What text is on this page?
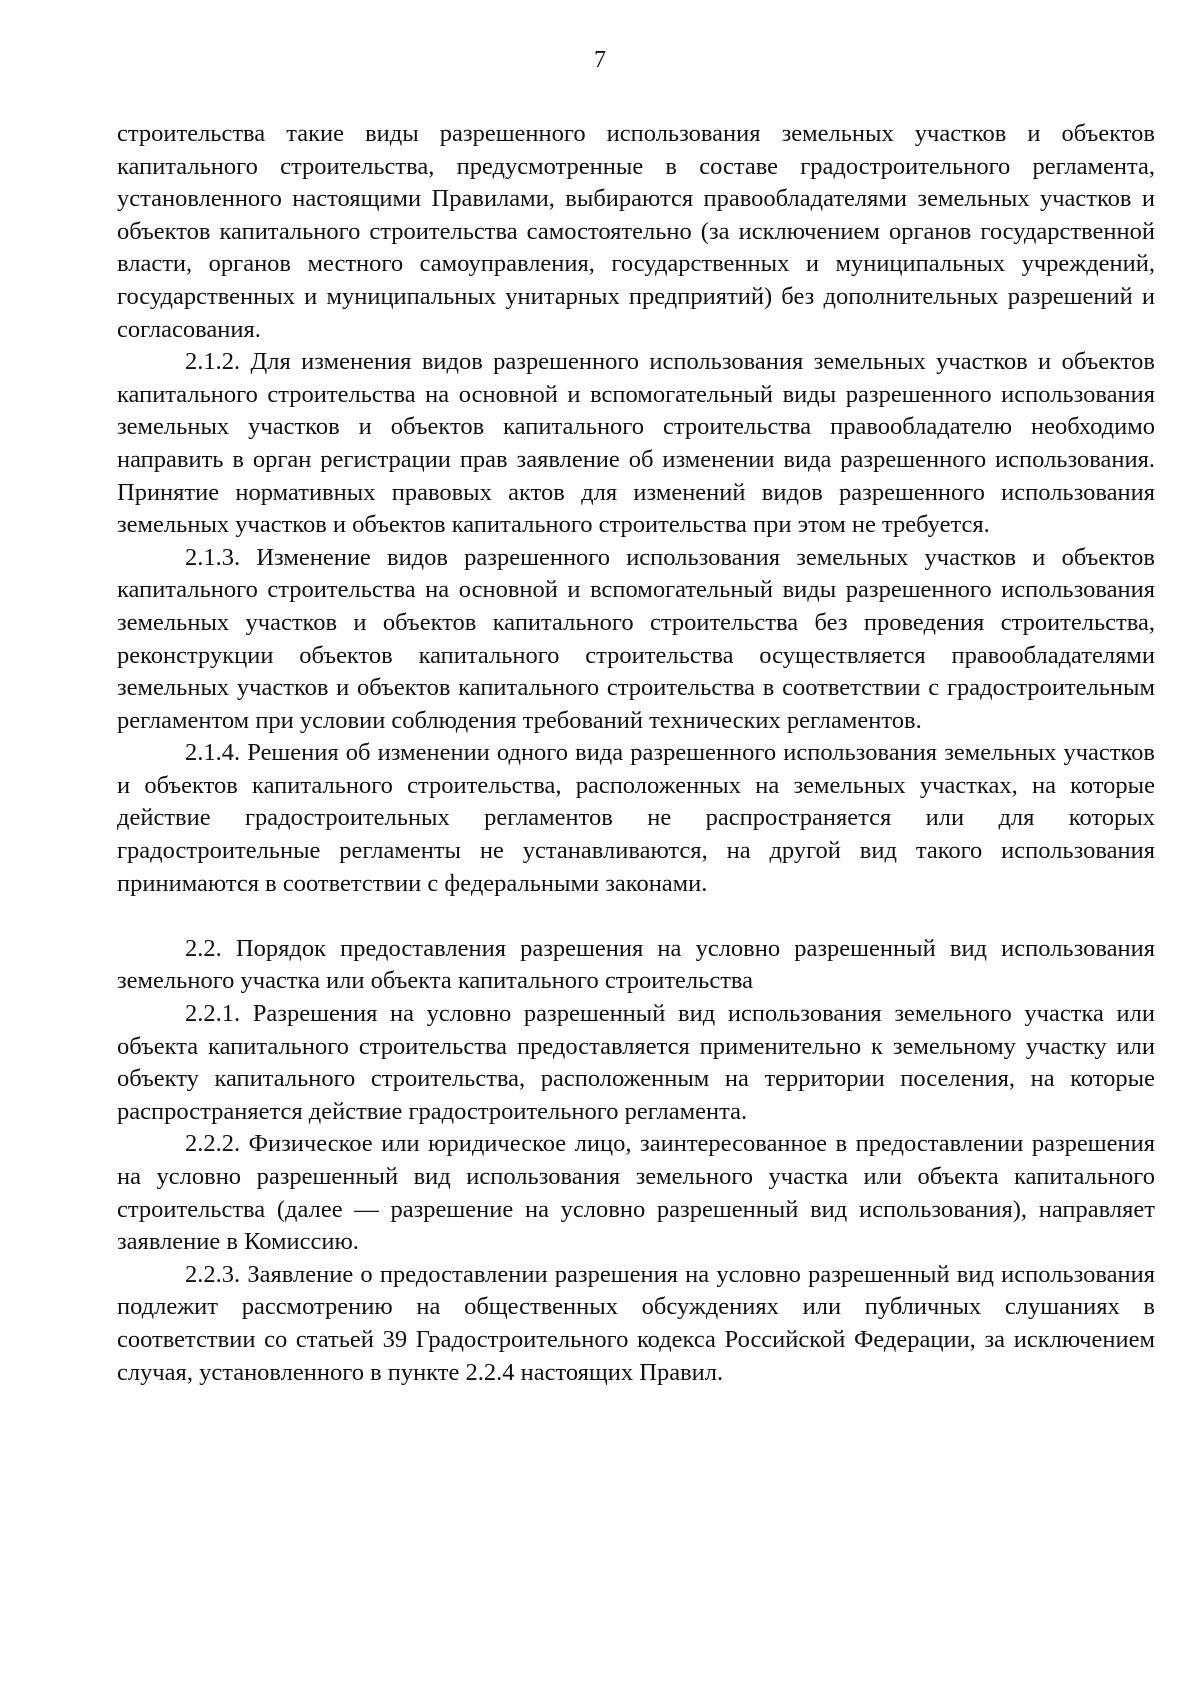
7

строительства такие виды разрешенного использования земельных участков и объектов капитального строительства, предусмотренные в составе градостроительного регламента, установленного настоящими Правилами, выбираются правообладателями земельных участков и объектов капитального строительства самостоятельно (за исключением органов государственной власти, органов местного самоуправления, государственных и муниципальных учреждений, государственных и муниципальных унитарных предприятий) без дополнительных разрешений и согласования.

2.1.2. Для изменения видов разрешенного использования земельных участков и объектов капитального строительства на основной и вспомогательный виды разрешенного использования земельных участков и объектов капитального строительства правообладателю необходимо направить в орган регистрации прав заявление об изменении вида разрешенного использования. Принятие нормативных правовых актов для изменений видов разрешенного использования земельных участков и объектов капитального строительства при этом не требуется.

2.1.3. Изменение видов разрешенного использования земельных участков и объектов капитального строительства на основной и вспомогательный виды разрешенного использования земельных участков и объектов капитального строительства без проведения строительства, реконструкции объектов капитального строительства осуществляется правообладателями земельных участков и объектов капитального строительства в соответствии с градостроительным регламентом при условии соблюдения требований технических регламентов.

2.1.4. Решения об изменении одного вида разрешенного использования земельных участков и объектов капитального строительства, расположенных на земельных участках, на которые действие градостроительных регламентов не распространяется или для которых градостроительные регламенты не устанавливаются, на другой вид такого использования принимаются в соответствии с федеральными законами.

2.2. Порядок предоставления разрешения на условно разрешенный вид использования земельного участка или объекта капитального строительства

2.2.1. Разрешения на условно разрешенный вид использования земельного участка или объекта капитального строительства предоставляется применительно к земельному участку или объекту капитального строительства, расположенным на территории поселения, на которые распространяется действие градостроительного регламента.

2.2.2. Физическое или юридическое лицо, заинтересованное в предоставлении разрешения на условно разрешенный вид использования земельного участка или объекта капитального строительства (далее — разрешение на условно разрешенный вид использования), направляет заявление в Комиссию.

2.2.3. Заявление о предоставлении разрешения на условно разрешенный вид использования подлежит рассмотрению на общественных обсуждениях или публичных слушаниях в соответствии со статьей 39 Градостроительного кодекса Российской Федерации, за исключением случая, установленного в пункте 2.2.4 настоящих Правил.
